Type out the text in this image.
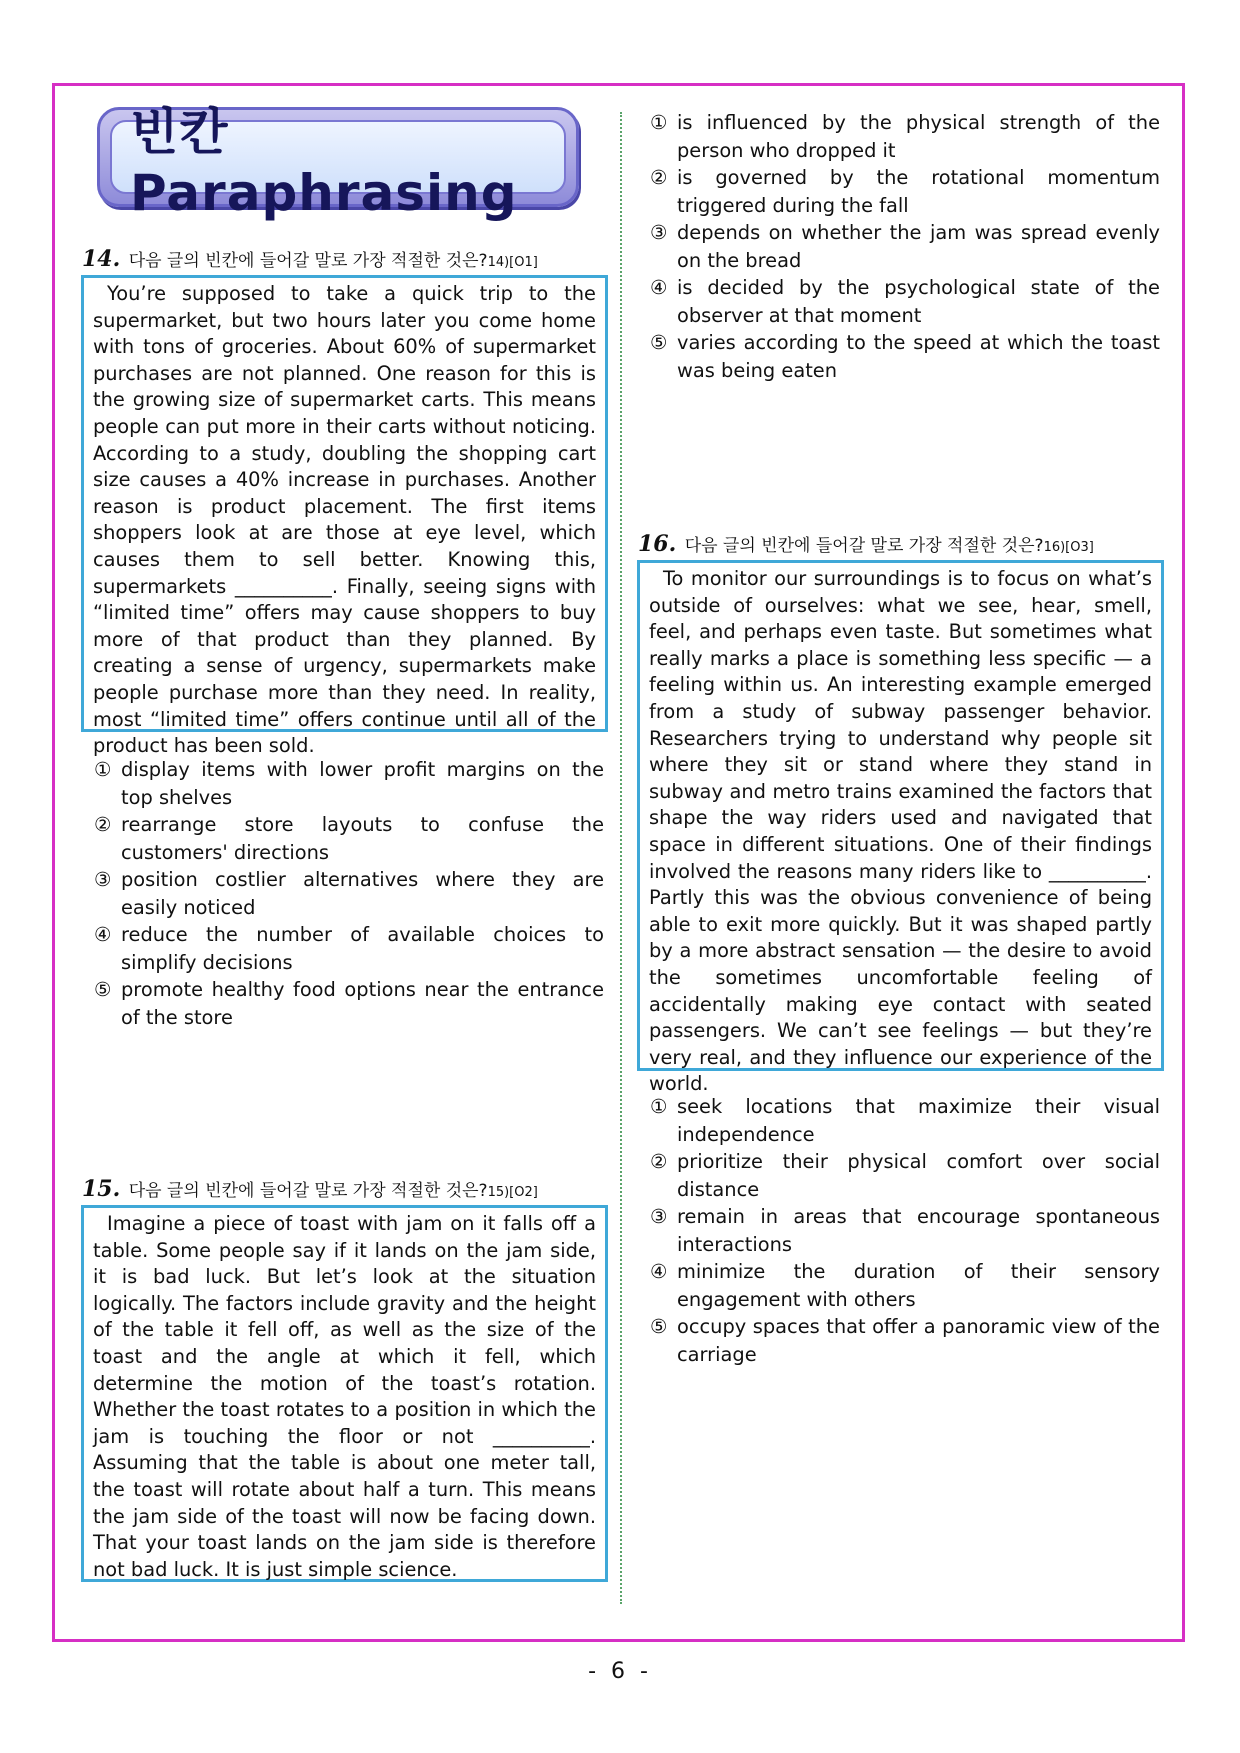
빈칸 Paraphrasing
14. 다음 글의 빈칸에 들어갈 말로 가장 적절한 것은?14)[O1]

You’re supposed to take a quick trip to the supermarket, but two hours later you come home with tons of groceries. About 60% of supermarket purchases are not planned. One reason for this is the growing size of supermarket carts. This means people can put more in their carts without noticing. According to a study, doubling the shopping cart size causes a 40% increase in purchases. Another reason is product placement. The first items shoppers look at are those at eye level, which causes them to sell better. Knowing this, supermarkets __________. Finally, seeing signs with “limited time” offers may cause shoppers to buy more of that product than they planned. By creating a sense of urgency, supermarkets make people purchase more than they need. In reality, most “limited time” offers continue until all of the product has been sold.

① display items with lower profit margins on the top shelves
② rearrange store layouts to confuse the customers' directions
③ position costlier alternatives where they are easily noticed
④ reduce the number of available choices to simplify decisions
⑤ promote healthy food options near the entrance of the store
15. 다음 글의 빈칸에 들어갈 말로 가장 적절한 것은?15)[O2]

Imagine a piece of toast with jam on it falls off a table. Some people say if it lands on the jam side, it is bad luck. But let’s look at the situation logically. The factors include gravity and the height of the table it fell off, as well as the size of the toast and the angle at which it fell, which determine the motion of the toast’s rotation. Whether the toast rotates to a position in which the jam is touching the floor or not __________. Assuming that the table is about one meter tall, the toast will rotate about half a turn. This means the jam side of the toast will now be facing down. That your toast lands on the jam side is therefore not bad luck. It is just simple science.

① is influenced by the physical strength of the person who dropped it
② is governed by the rotational momentum triggered during the fall
③ depends on whether the jam was spread evenly on the bread
④ is decided by the psychological state of the observer at that moment
⑤ varies according to the speed at which the toast was being eaten
16. 다음 글의 빈칸에 들어갈 말로 가장 적절한 것은?16)[O3]

To monitor our surroundings is to focus on what’s outside of ourselves: what we see, hear, smell, feel, and perhaps even taste. But sometimes what really marks a place is something less specific — a feeling within us. An interesting example emerged from a study of subway passenger behavior. Researchers trying to understand why people sit where they sit or stand where they stand in subway and metro trains examined the factors that shape the way riders used and navigated that space in different situations. One of their findings involved the reasons many riders like to __________. Partly this was the obvious convenience of being able to exit more quickly. But it was shaped partly by a more abstract sensation — the desire to avoid the sometimes uncomfortable feeling of accidentally making eye contact with seated passengers. We can’t see feelings — but they’re very real, and they influence our experience of the world.

① seek locations that maximize their visual independence
② prioritize their physical comfort over social distance
③ remain in areas that encourage spontaneous interactions
④ minimize the duration of their sensory engagement with others
⑤ occupy spaces that offer a panoramic view of the carriage
- 6 -
